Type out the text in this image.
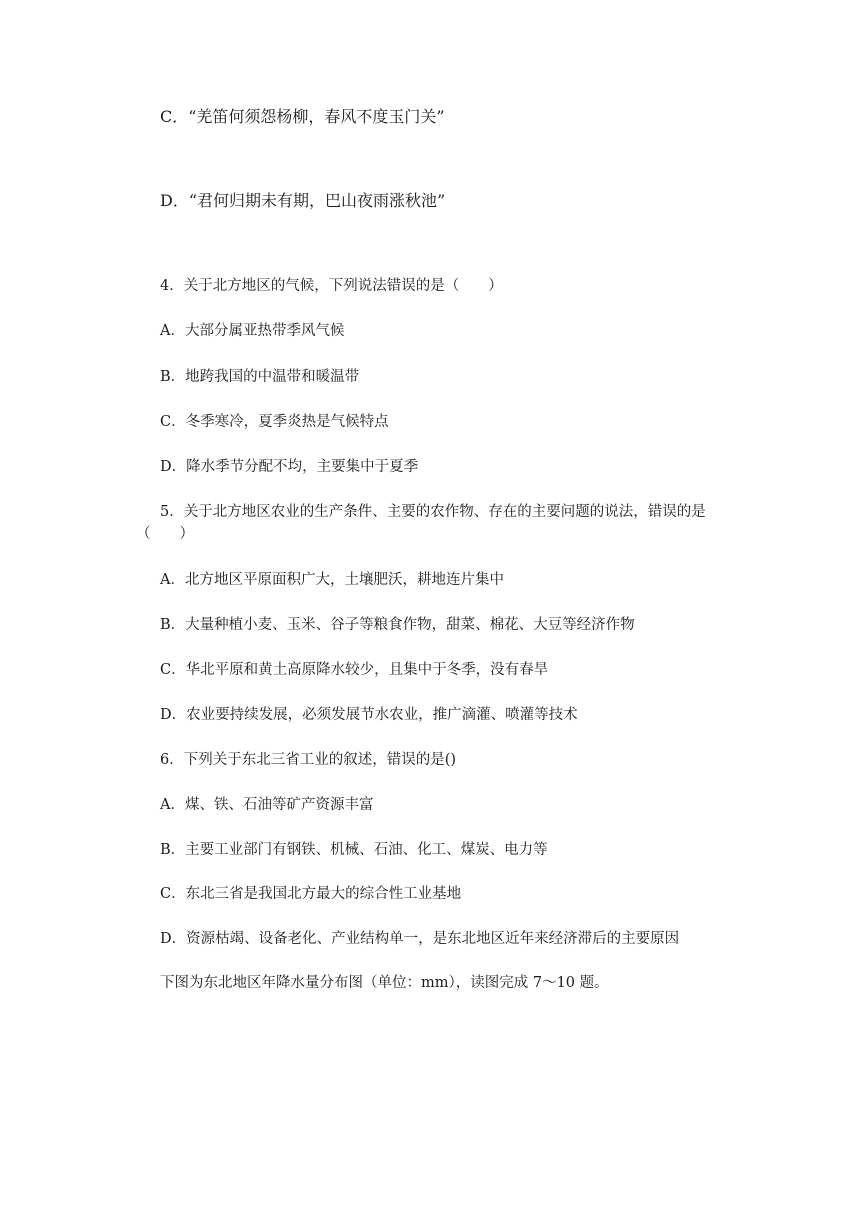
C．“羌笛何须怨杨柳，春风不度玉门关”
D．“君何归期未有期，巴山夜雨涨秋池”
4．关于北方地区的气候，下列说法错误的是（　　）
A．大部分属亚热带季风气候
B．地跨我国的中温带和暖温带
C．冬季寒冷，夏季炎热是气候特点
D．降水季节分配不均，主要集中于夏季
5．关于北方地区农业的生产条件、主要的农作物、存在的主要问题的说法，错误的是
（　　）
A．北方地区平原面积广大，土壤肥沃，耕地连片集中
B．大量种植小麦、玉米、谷子等粮食作物，甜菜、棉花、大豆等经济作物
C．华北平原和黄土高原降水较少，且集中于冬季，没有春旱
D．农业要持续发展，必须发展节水农业，推广滴灌、喷灌等技术
6．下列关于东北三省工业的叙述，错误的是()
A．煤、铁、石油等矿产资源丰富
B．主要工业部门有钢铁、机械、石油、化工、煤炭、电力等
C．东北三省是我国北方最大的综合性工业基地
D．资源枯竭、设备老化、产业结构单一，是东北地区近年来经济滞后的主要原因
下图为东北地区年降水量分布图（单位：mm），读图完成 7～10 题。
